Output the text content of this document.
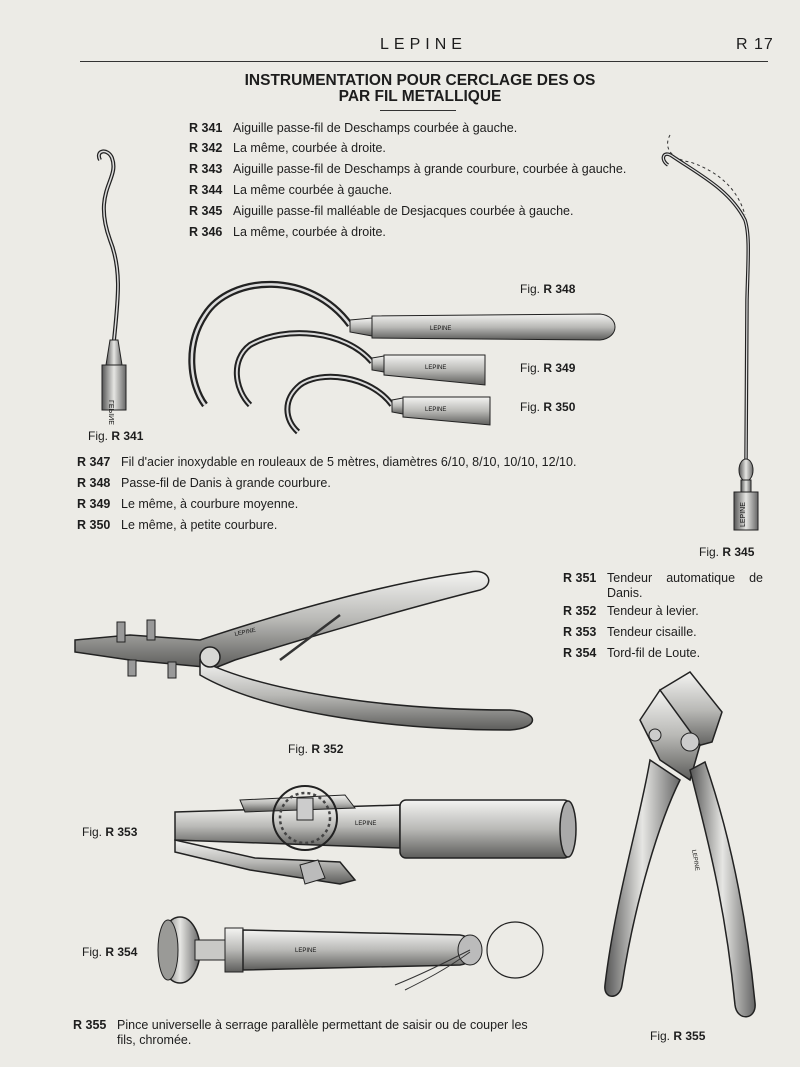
LEPINE	R 17
INSTRUMENTATION POUR CERCLAGE DES OS
PAR FIL METALLIQUE
R 341 Aiguille passe-fil de Deschamps courbée à gauche.
R 342 La même, courbée à droite.
R 343 Aiguille passe-fil de Deschamps à grande courbure, courbée à gauche.
R 344 La même courbée à gauche.
R 345 Aiguille passe-fil malléable de Desjacques courbée à gauche.
R 346 La même, courbée à droite.
R 347 Fil d'acier inoxydable en rouleaux de 5 mètres, diamètres 6/10, 8/10, 10/10, 12/10.
R 348 Passe-fil de Danis à grande courbure.
R 349 Le même, à courbure moyenne.
R 350 Le même, à petite courbure.
R 351 Tendeur automatique de Danis.
R 352 Tendeur à levier.
R 353 Tendeur cisaille.
R 354 Tord-fil de Loute.
R 355 Pince universelle à serrage parallèle permettant de saisir ou de couper les fils, chromée.
Fig. R 341
Fig. R 345
Fig. R 348
Fig. R 349
Fig. R 350
Fig. R 352
Fig. R 353
Fig. R 354
Fig. R 355
LEPINE
LEPINE
LEPINE
LEPINE
LEPINE
LEPINE
LEPINE
LEPINE
LEPINE
